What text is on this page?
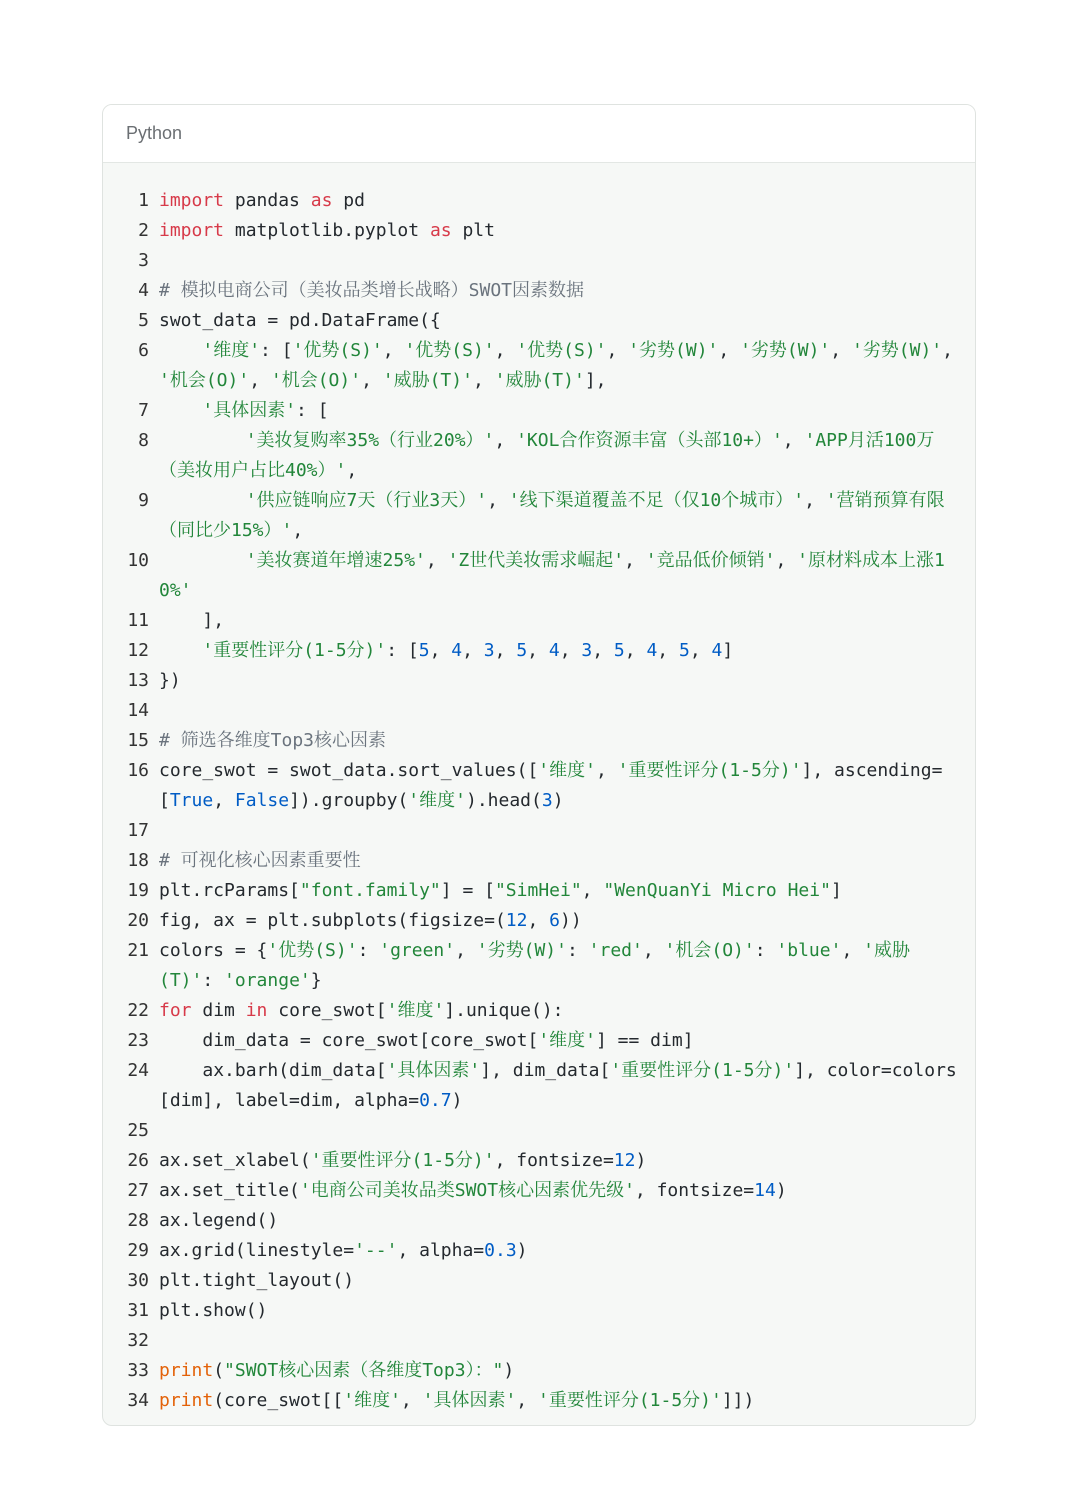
Python
1 import pandas as pd
2 import matplotlib.pyplot as plt
3

4 # 模拟电商公司（美妆品类增长战略）SWOT因素数据
5 swot_data = pd.DataFrame({
6	'维度': ['优势(S)', '优势(S)', '优势(S)', '劣势(W)', '劣势(W)', '劣势(W)', '机会(O)', '机会(O)', '威胁(T)', '威胁(T)'],
7	'具体因素': [
8	'美妆复购率35%（行业20%）', 'KOL合作资源丰富（头部10+）', 'APP月活100万（美妆用户占比40%）',
9	'供应链响应7天（行业3天）', '线下渠道覆盖不足（仅10个城市）', '营销预算有限（同比少15%）',
10	'美妆赛道年增速25%', 'Z世代美妆需求崛起', '竞品低价倾销', '原材料成本上涨10%'
11 ],
12	'重要性评分(1-5分)': [5, 4, 3, 5, 4, 3, 5, 4, 5, 4]
13 })
14

15 # 筛选各维度Top3核心因素
16 core_swot = swot_data.sort_values(['维度', '重要性评分(1-5分)'], ascending=[True, False]).groupby('维度').head(3)
17

18 # 可视化核心因素重要性
19 plt.rcParams["font.family"] = ["SimHei", "WenQuanYi Micro Hei"]
20 fig, ax = plt.subplots(figsize=(12, 6))
21 colors = {'优势(S)': 'green', '劣势(W)': 'red', '机会(O)': 'blue', '威胁(T)': 'orange'}
22 for dim in core_swot['维度'].unique():
23 dim_data = core_swot[core_swot['维度'] == dim]
24 ax.barh(dim_data['具体因素'], dim_data['重要性评分(1-5分)'], color=colors[dim], label=dim, alpha=0.7)
25

26 ax.set_xlabel('重要性评分(1-5分)', fontsize=12)
27 ax.set_title('电商公司美妆品类SWOT核心因素优先级', fontsize=14)
28 ax.legend()
29 ax.grid(linestyle='--', alpha=0.3)
30 plt.tight_layout()
31 plt.show()
32

33 print("SWOT核心因素（各维度Top3）：")
34 print(core_swot[['维度', '具体因素', '重要性评分(1-5分)']])
